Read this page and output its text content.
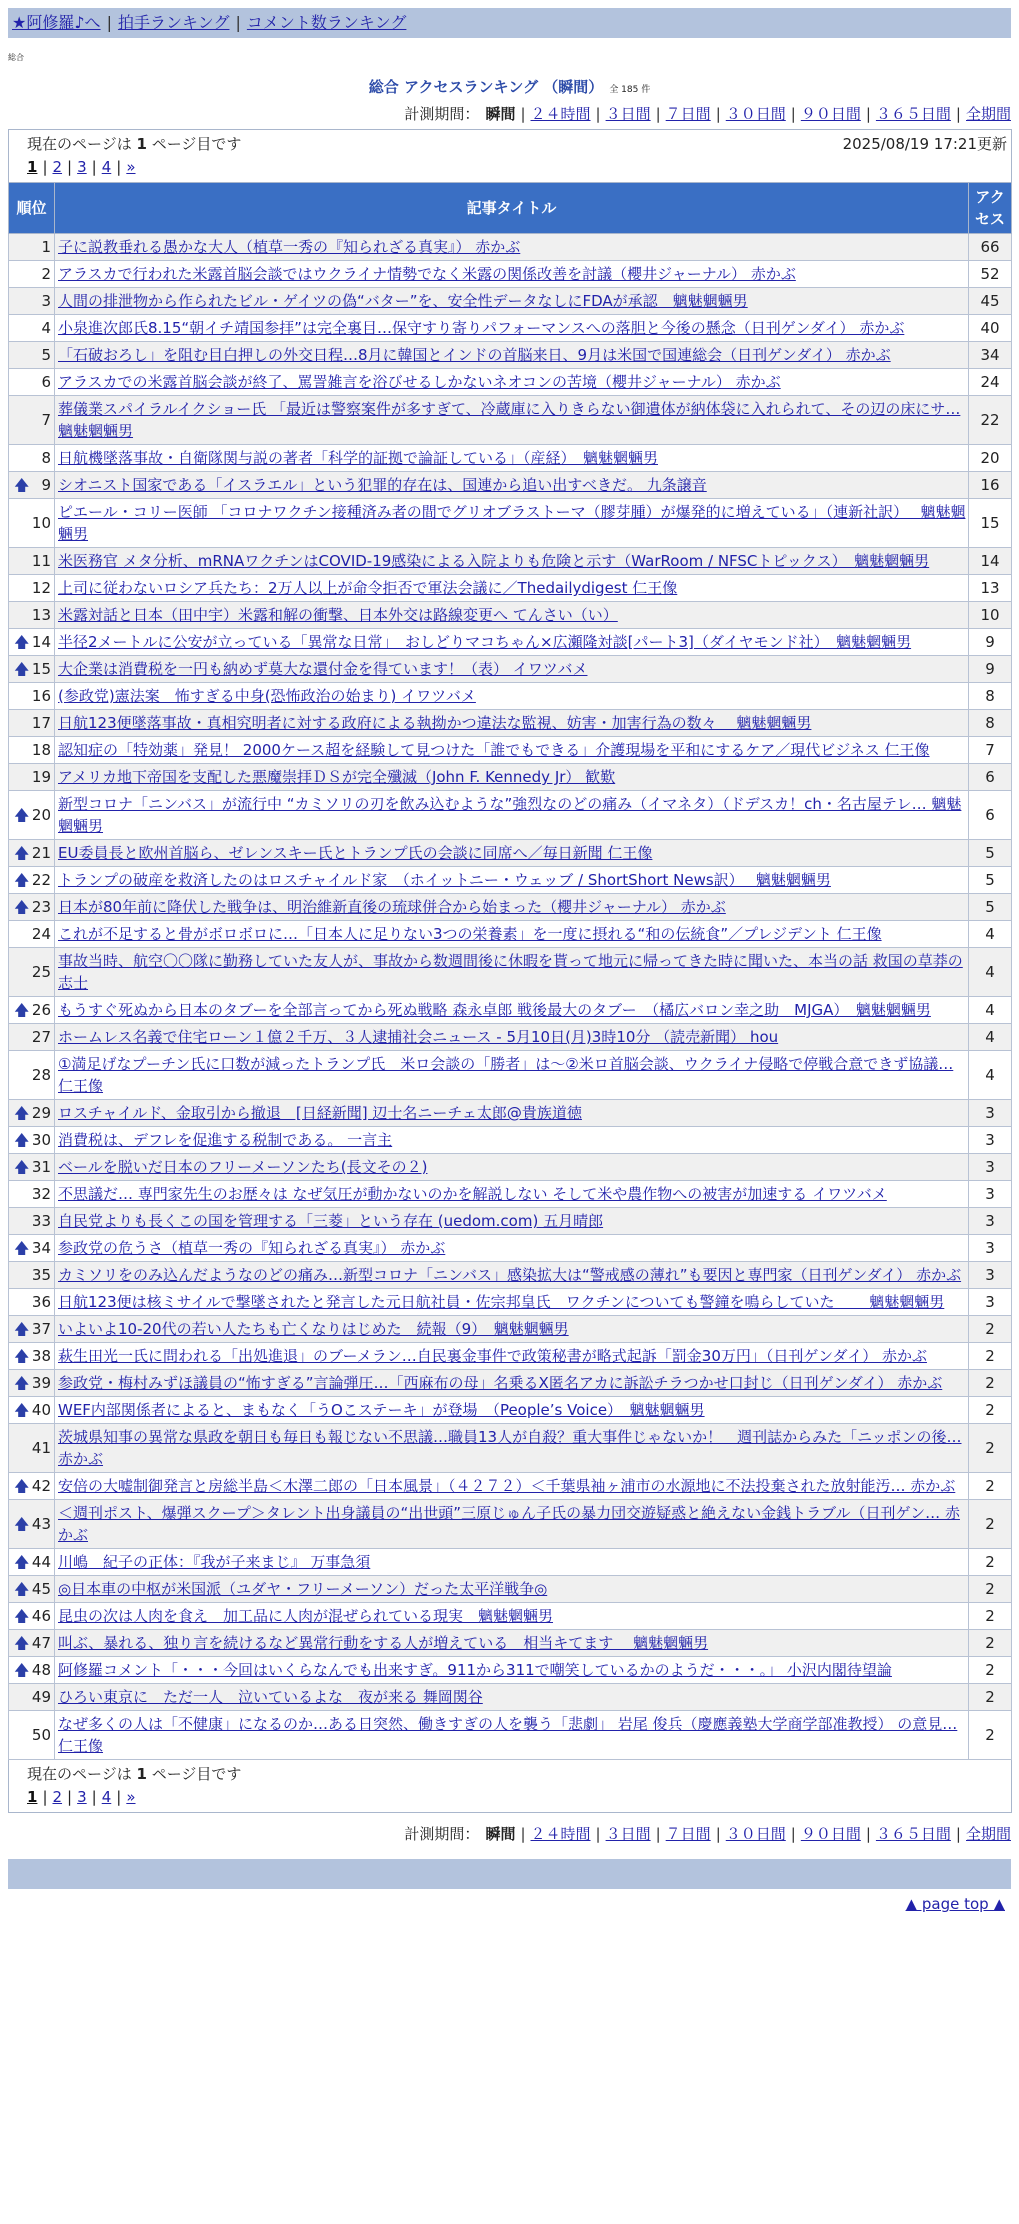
★阿修羅♪へ | 拍手ランキング | コメント数ランキング
総合
総合 アクセスランキング （瞬間） 全 185 件
計測期間： 瞬間 | ２４時間 | ３日間 | ７日間 | ３０日間 | ９０日間 | ３６５日間 | 全期間
現在のページは 1 ページ目です		2025/08/19 17:21更新

1 | 2 | 3 | 4 | »		
順位	記事タイトル	アクセス
1	子に説教垂れる愚かな大人（植草一秀の『知られざる真実』） 赤かぶ	66
2	アラスカで行われた米露首脳会談ではウクライナ情勢でなく米露の関係改善を討議（櫻井ジャーナル） 赤かぶ	52
3	人間の排泄物から作られたビル・ゲイツの偽“バター”を、安全性データなしにFDAが承認　魑魅魍魎男	45
4	小泉進次郎氏8.15“朝イチ靖国参拝”は完全裏目…保守すり寄りパフォーマンスへの落胆と今後の懸念（日刊ゲンダイ） 赤かぶ	40
5	「石破おろし」を阻む目白押しの外交日程…8月に韓国とインドの首脳来日、9月は米国で国連総会（日刊ゲンダイ） 赤かぶ	34
6	アラスカでの米露首脳会談が終了、罵詈雑言を浴びせるしかないネオコンの苦境（櫻井ジャーナル） 赤かぶ	24
7	葬儀業スパイラルイクショー氏 「最近は警察案件が多すぎて、冷蔵庫に入りきらない御遺体が納体袋に入れられて、その辺の床にサ… 魑魅魍魎男	22
8	日航機墜落事故・自衛隊関与説の著者「科学的証拠で論証している」（産経）　魑魅魍魎男	20

🡅 9	シオニスト国家である「イスラエル」という犯罪的存在は、国連から追い出すべきだ。 九条譲音	16
10	ピエール・コリー医師 「コロナワクチン接種済み者の間でグリオブラストーマ（膠芽腫）が爆発的に増えている」（連新社訳）　 魑魅魍魎男	15
11	米医務官 メタ分析、mRNAワクチンはCOVID-19感染による入院よりも危険と示す（WarRoom / NFSCトピックス）　魑魅魍魎男	14
12	上司に従わないロシア兵たち：2万人以上が命令拒否で軍法会議に／Thedailydigest 仁王像	13
13	米露対話と日本（田中宇）米露和解の衝撃、日本外交は路線変更へ てんさい（い）	10

🡅 14	半径2メートルに公安が立っている「異常な日常」　おしどりマコちゃん×広瀬隆対談[パート3]（ダイヤモンド社）　魑魅魍魎男	9

🡅 15	大企業は消費税を一円も納めず莫大な還付金を得ています！（表） イワツバメ	9
16	(参政党)憲法案　怖すぎる中身(恐怖政治の始まり) イワツバメ	8
17	日航123便墜落事故・真相究明者に対する政府による執拗かつ違法な監視、妨害・加害行為の数々　 魑魅魍魎男	8
18	認知症の「特効薬」発見！ 2000ケース超を経験して見つけた「誰でもできる」介護現場を平和にするケア／現代ビジネス 仁王像	7
19	アメリカ地下帝国を支配した悪魔崇拝ＤＳが完全殲滅（John F. Kennedy Jr） 歓歎	6

🡅 20	新型コロナ「ニンバス」が流行中 “カミソリの刃を飲み込むような”強烈なのどの痛み（イマネタ）（ドデスカ！ch・名古屋テレ… 魑魅魍魎男	6

🡅 21	EU委員長と欧州首脳ら、ゼレンスキー氏とトランプ氏の会談に同席へ／毎日新聞 仁王像	5

🡅 22	トランプの破産を救済したのはロスチャイルド家　（ホイットニー・ウェッブ / ShortShort News訳）　 魑魅魍魎男	5

🡅 23	日本が80年前に降伏した戦争は、明治維新直後の琉球併合から始まった（櫻井ジャーナル） 赤かぶ	5
24	これが不足すると骨がボロボロに…「日本人に足りない3つの栄養素」を一度に摂れる“和の伝統食”／プレジデント 仁王像	4
25	事故当時、航空〇〇隊に勤務していた友人が、事故から数週間後に休暇を貰って地元に帰ってきた時に聞いた、本当の話 救国の草莽の志士	4

🡅 26	もうすぐ死ぬから日本のタブーを全部言ってから死ぬ戦略 森永卓郎 戦後最大のタブー　（橘広バロン幸之助　MJGA）　魑魅魍魎男	4
27	ホームレス名義で住宅ローン１億２千万、３人逮捕社会ニュース - 5月10日(月)3時10分 （読売新聞） hou	4
28	①満足げなプーチン氏に口数が減ったトランプ氏　米ロ会談の「勝者」は～②米ロ首脳会談、ウクライナ侵略で停戦合意できず協議… 仁王像	4

🡅 29	ロスチャイルド、金取引から撤退　[日経新聞] 辺士名ニーチェ太郎@貴族道徳	3

🡅 30	消費税は、デフレを促進する税制である。 一言主	3

🡅 31	ベールを脱いだ日本のフリーメーソンたち(長文その２)	3
32	不思議だ… 専門家先生のお歴々は なぜ気圧が動かないのかを解説しない そして米や農作物への被害が加速する イワツバメ	3
33	自民党よりも長くこの国を管理する「三菱」という存在 (uedom.com) 五月晴郎	3

🡅 34	参政党の危うさ（植草一秀の『知られざる真実』） 赤かぶ	3
35	カミソリをのみ込んだようなのどの痛み…新型コロナ「ニンバス」感染拡大は“警戒感の薄れ”も要因と専門家（日刊ゲンダイ） 赤かぶ	3
36	日航123便は核ミサイルで撃墜されたと発言した元日航社員・佐宗邦皇氏　ワクチンについても警鐘を鳴らしていた　　 魑魅魍魎男	3

🡅 37	いよいよ10-20代の若い人たちも亡くなりはじめた　続報（9）　魑魅魍魎男	2

🡅 38	萩生田光一氏に問われる「出処進退」のブーメラン…自民裏金事件で政策秘書が略式起訴「罰金30万円」（日刊ゲンダイ） 赤かぶ	2

🡅 39	参政党・梅村みずほ議員の“怖すぎる”言論弾圧…「西麻布の母」名乗るX匿名アカに訴訟チラつかせ口封じ（日刊ゲンダイ） 赤かぶ	2

🡅 40	WEF内部関係者によると、まもなく「うOこステーキ」が登場　（People’s Voice）　魑魅魍魎男	2
41	茨城県知事の異常な県政を朝日も毎日も報じない不思議…職員13人が自殺？重大事件じゃないか！　週刊誌からみた「ニッポンの後… 赤かぶ	2

🡅 42	安倍の大嘘制御発言と房総半島＜木澤二郎の「日本風景」（４２７２）＜千葉県袖ヶ浦市の水源地に不法投棄された放射能汚… 赤かぶ	2

🡅 43	＜週刊ポスト、爆弾スクープ＞タレント出身議員の“出世頭”三原じゅん子氏の暴力団交遊疑惑と絶えない金銭トラブル（日刊ゲン… 赤かぶ	2

🡅 44	川嶋　紀子の正体：『我が子来まじ』 万事急須	2

🡅 45	◎日本車の中枢が米国派（ユダヤ・フリーメーソン）だった太平洋戦争◎	2

🡅 46	昆虫の次は人肉を食え　加工品に人肉が混ぜられている現実　魑魅魍魎男	2

🡅 47	叫ぶ、暴れる、独り言を続けるなど異常行動をする人が増えている　相当キてます　 魑魅魍魎男	2

🡅 48	阿修羅コメント「・・・今回はいくらなんでも出来すぎ。911から311で嘲笑しているかのようだ・・・。」 小沢内閣待望論	2
49	ひろい東京に　ただ一人　泣いているよな　夜が来る 舞岡関谷	2
50	なぜ多くの人は「不健康」になるのか…ある日突然、働きすぎの人を襲う「悲劇」 岩尾 俊兵（慶應義塾大学商学部准教授） の意見… 仁王像	2
現在のページは 1 ページ目です		
1 | 2 | 3 | 4 | »		
計測期間： 瞬間 | ２４時間 | ３日間 | ７日間 | ３０日間 | ９０日間 | ３６５日間 | 全期間
▲ page top ▲
